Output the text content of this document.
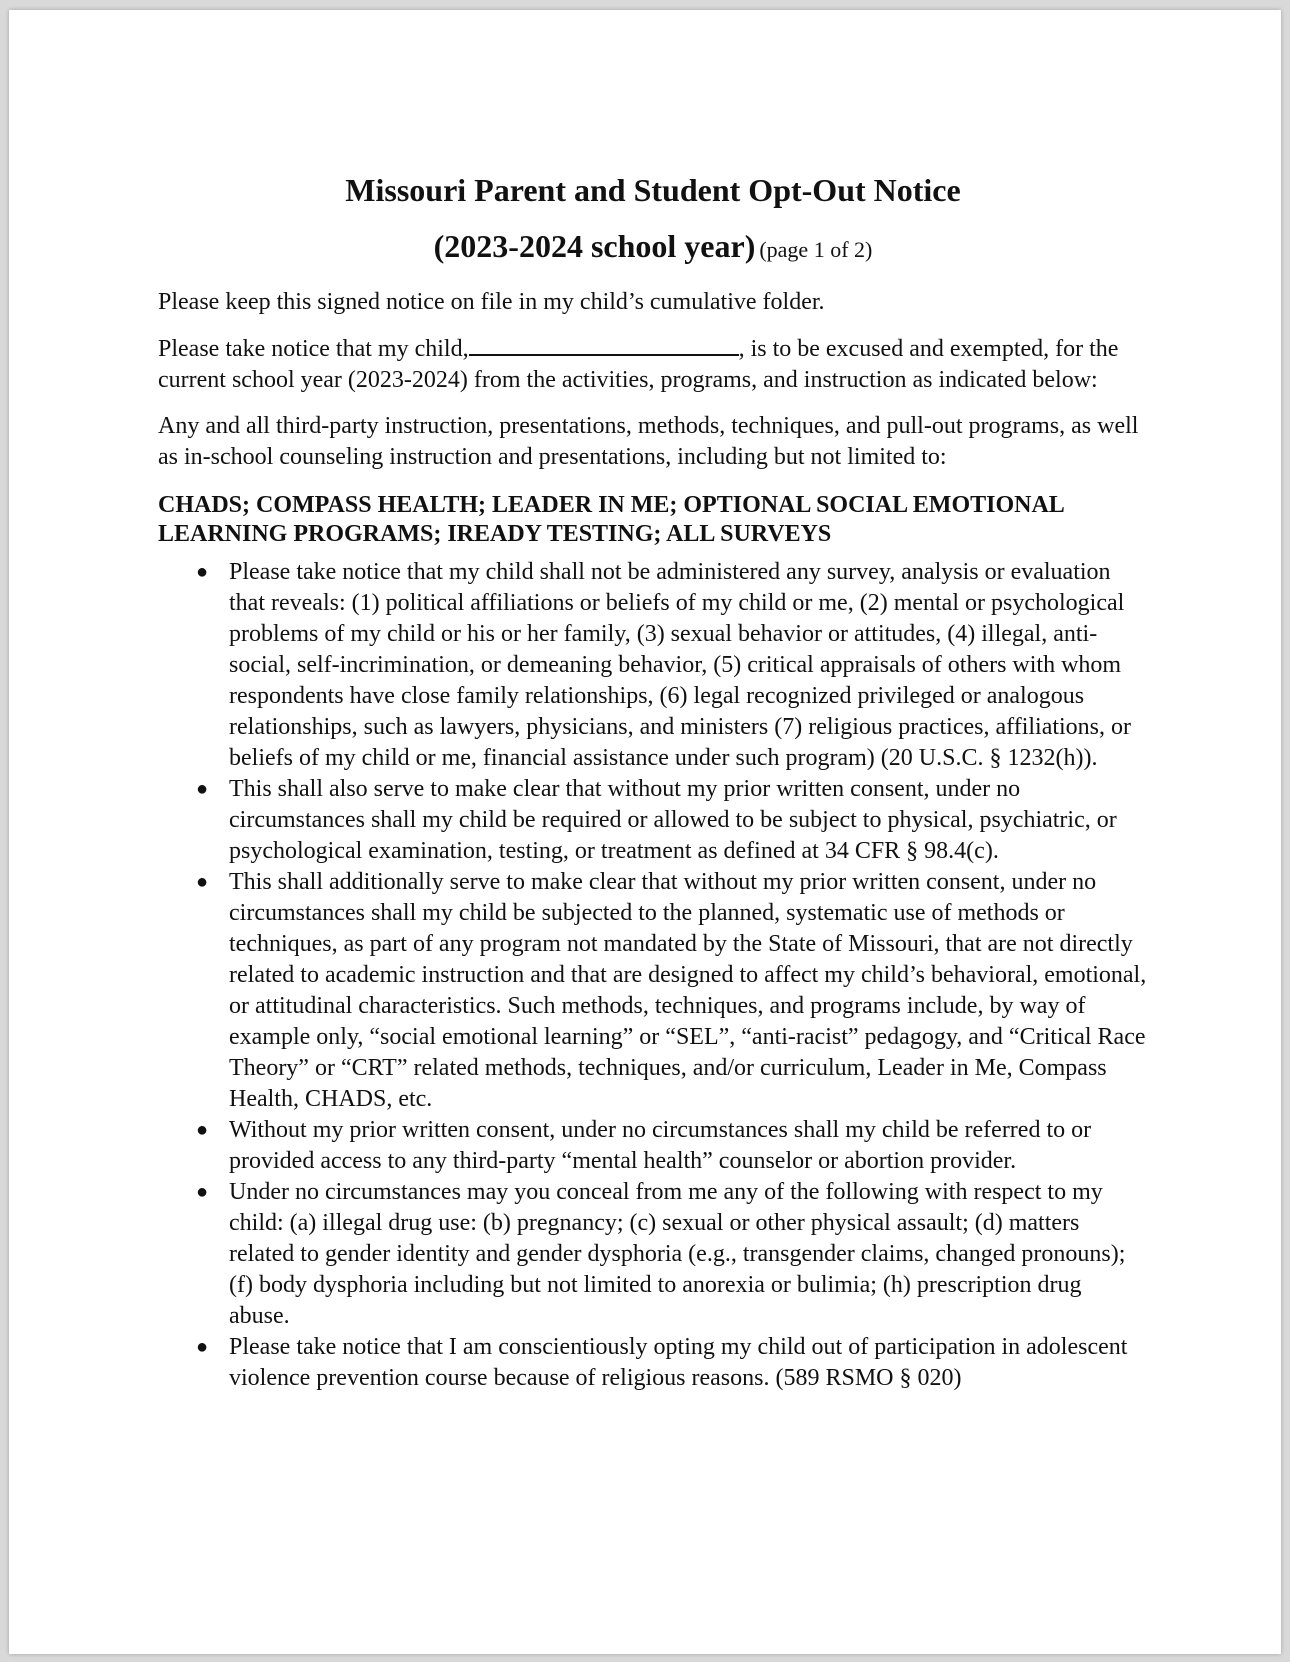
Missouri Parent and Student Opt-Out Notice
(2023-2024 school year) (page 1 of 2)

Please keep this signed notice on file in my child’s cumulative folder.

Please take notice that my child,	, is to be excused and exempted, for the current school year (2023-2024) from the activities, programs, and instruction as indicated below:

Any and all third-party instruction, presentations, methods, techniques, and pull-out programs, as well as in-school counseling instruction and presentations, including but not limited to:

CHADS; COMPASS HEALTH; LEADER IN ME; OPTIONAL SOCIAL EMOTIONAL LEARNING PROGRAMS; IREADY TESTING; ALL SURVEYS

● Please take notice that my child shall not be administered any survey, analysis or evaluation that reveals: (1) political affiliations or beliefs of my child or me, (2) mental or psychological problems of my child or his or her family, (3) sexual behavior or attitudes, (4) illegal, anti-social, self-incrimination, or demeaning behavior, (5) critical appraisals of others with whom respondents have close family relationships, (6) legal recognized privileged or analogous relationships, such as lawyers, physicians, and ministers (7) religious practices, affiliations, or beliefs of my child or me, financial assistance under such program) (20 U.S.C. § 1232(h)).
● This shall also serve to make clear that without my prior written consent, under no circumstances shall my child be required or allowed to be subject to physical, psychiatric, or psychological examination, testing, or treatment as defined at 34 CFR § 98.4(c).
● This shall additionally serve to make clear that without my prior written consent, under no circumstances shall my child be subjected to the planned, systematic use of methods or techniques, as part of any program not mandated by the State of Missouri, that are not directly related to academic instruction and that are designed to affect my child’s behavioral, emotional, or attitudinal characteristics. Such methods, techniques, and programs include, by way of example only, “social emotional learning” or “SEL”, “anti-racist” pedagogy, and “Critical Race Theory” or “CRT” related methods, techniques, and/or curriculum, Leader in Me, Compass Health, CHADS, etc.
● Without my prior written consent, under no circumstances shall my child be referred to or provided access to any third-party “mental health” counselor or abortion provider.
● Under no circumstances may you conceal from me any of the following with respect to my child: (a) illegal drug use: (b) pregnancy; (c) sexual or other physical assault; (d) matters related to gender identity and gender dysphoria (e.g., transgender claims, changed pronouns); (f) body dysphoria including but not limited to anorexia or bulimia; (h) prescription drug abuse.
● Please take notice that I am conscientiously opting my child out of participation in adolescent violence prevention course because of religious reasons. (589 RSMO § 020)
